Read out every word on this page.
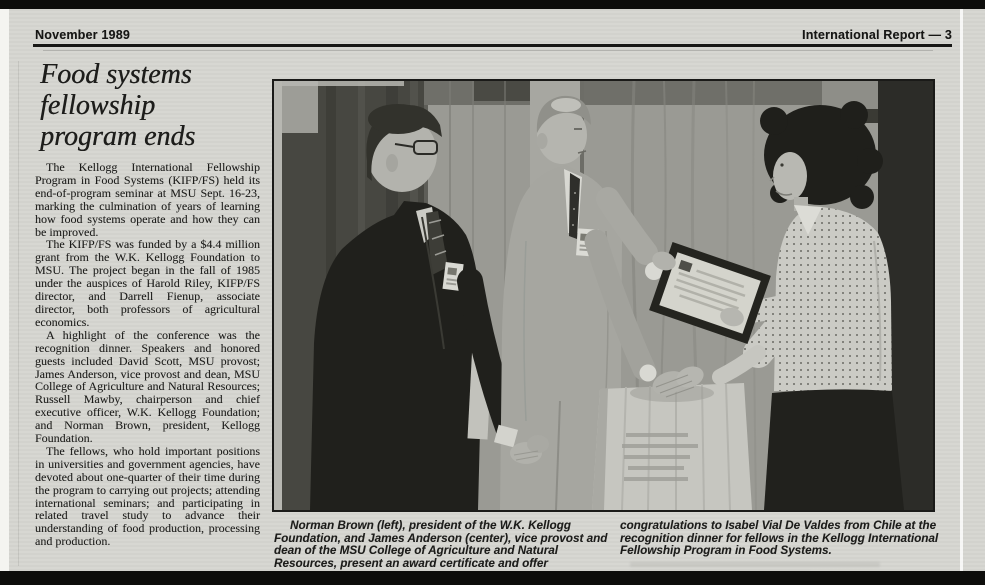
November 1989	International Report — 3
Food systems
fellowship
program ends

The Kellogg International Fellowship Program in Food Systems (KIFP/FS) held its end-of-program seminar at MSU Sept. 16-23, marking the culmination of years of learning how food systems operate and how they can be improved.

The KIFP/FS was funded by a $4.4 million grant from the W.K. Kellogg Foundation to MSU. The project began in the fall of 1985 under the auspices of Harold Riley, KIFP/FS director, and Darrell Fienup, associate director, both professors of agricultural economics.

A highlight of the conference was the recognition dinner. Speakers and honored guests included David Scott, MSU provost; James Anderson, vice provost and dean, MSU College of Agriculture and Natural Resources; Russell Mawby, chairperson and chief executive officer, W.K. Kellogg Foundation; and Norman Brown, president, Kellogg Foundation.

The fellows, who hold important positions in universities and government agencies, have devoted about one-quarter of their time during the program to carrying out projects; attending international seminars; and participating in related travel study to advance their understanding of food production, processing and production.

Norman Brown (left), president of the W.K. Kellogg Foundation, and James Anderson (center), vice provost and dean of the MSU College of Agriculture and Natural Resources, present an award certificate and offer
congratulations to Isabel Vial De Valdes from Chile at the recognition dinner for fellows in the Kellogg International Fellowship Program in Food Systems.
